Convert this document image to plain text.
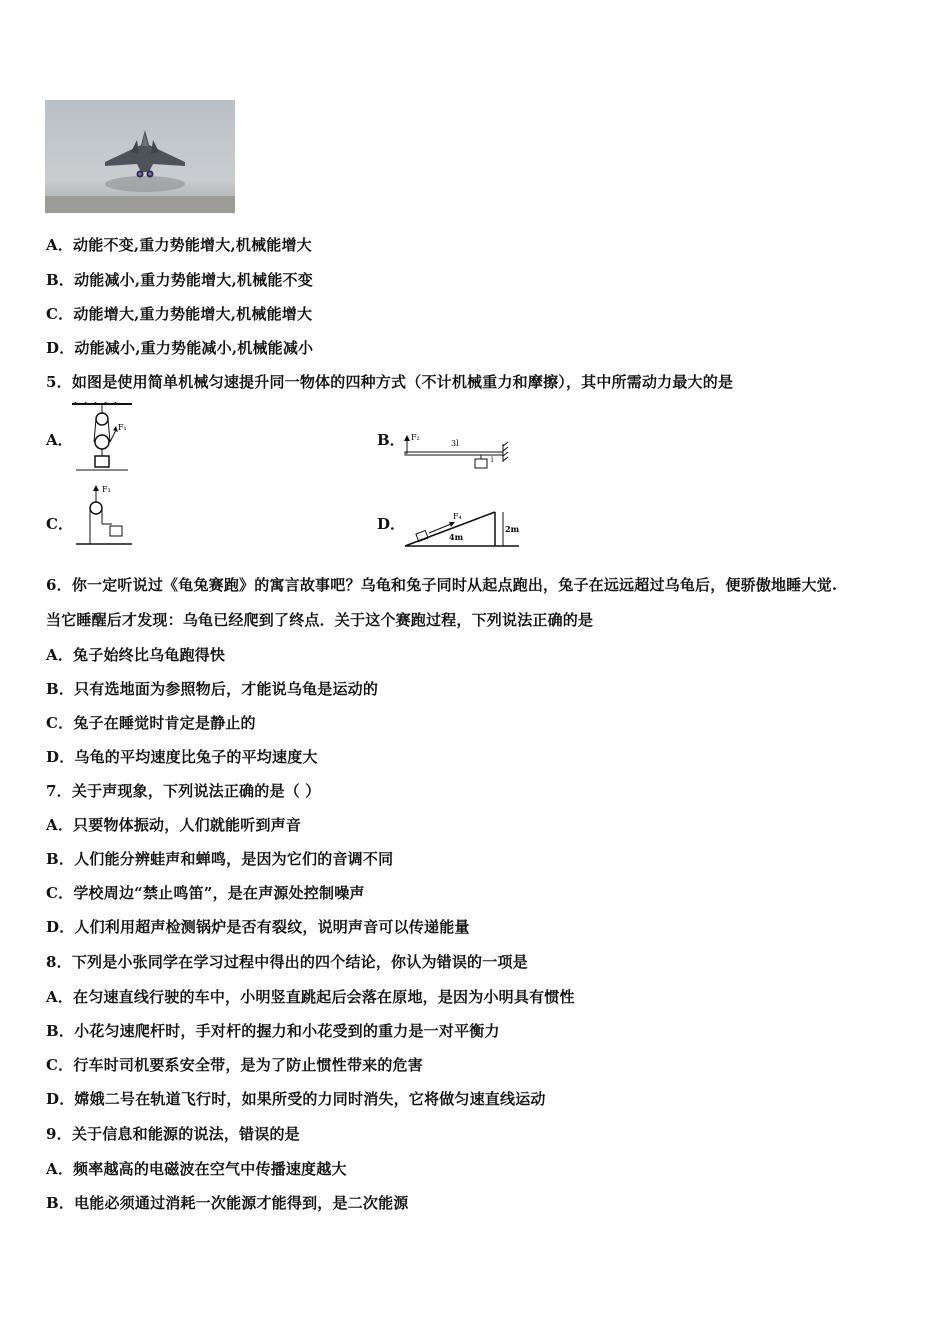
A．动能不变,重力势能增大,机械能增大
B．动能减小,重力势能增大,机械能不变
C．动能增大,重力势能增大,机械能增大
D．动能减小,重力势能减小,机械能减小
5．如图是使用简单机械匀速提升同一物体的四种方式（不计机械重力和摩擦），其中所需动力最大的是
A．
F₁
B． F₂
3l
l
C．
F₃
D．	F₄
4m
2m
6．你一定听说过《龟兔赛跑》的寓言故事吧？乌龟和兔子同时从起点跑出，兔子在远远超过乌龟后，便骄傲地睡大觉.
当它睡醒后才发现：乌龟已经爬到了终点．关于这个赛跑过程，下列说法正确的是
A．兔子始终比乌龟跑得快
B．只有选地面为参照物后，才能说乌龟是运动的
C．兔子在睡觉时肯定是静止的
D．乌龟的平均速度比兔子的平均速度大
7．关于声现象，下列说法正确的是（ ）
A．只要物体振动，人们就能听到声音
B．人们能分辨蛙声和蝉鸣，是因为它们的音调不同
C．学校周边“禁止鸣笛”，是在声源处控制噪声
D．人们利用超声检测锅炉是否有裂纹，说明声音可以传递能量
8．下列是小张同学在学习过程中得出的四个结论，你认为错误的一项是
A．在匀速直线行驶的车中，小明竖直跳起后会落在原地，是因为小明具有惯性
B．小花匀速爬杆时，手对杆的握力和小花受到的重力是一对平衡力
C．行车时司机要系安全带，是为了防止惯性带来的危害
D．嫦娥二号在轨道飞行时，如果所受的力同时消失，它将做匀速直线运动
9．关于信息和能源的说法，错误的是
A．频率越高的电磁波在空气中传播速度越大
B．电能必须通过消耗一次能源才能得到，是二次能源
